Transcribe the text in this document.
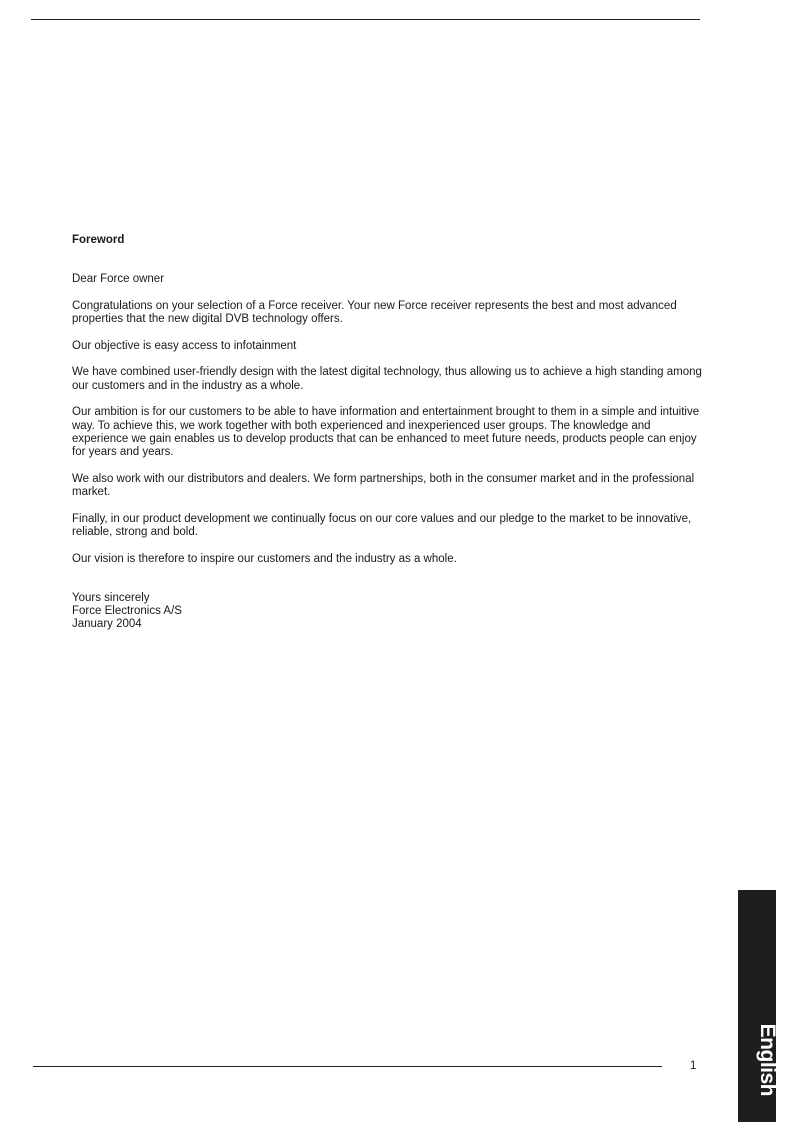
Foreword
Dear Force owner
Congratulations on your selection of a Force receiver. Your new Force receiver represents the best and most advanced properties that the new digital DVB technology offers.
Our objective is easy access to infotainment
We have combined user-friendly design with the latest digital technology, thus allowing us to achieve a high standing among our customers and in the industry as a whole.
Our ambition is for our customers to be able to have information and entertainment brought to them in a simple and intuitive way. To achieve this, we work together with both experienced and inexperienced user groups. The knowledge and experience we gain enables us to develop products that can be enhanced to meet future needs, products people can enjoy for years and years.
We also work with our distributors and dealers. We form partnerships, both in the consumer market and in the professional market.
Finally, in our product development we continually focus on our core values and our pledge to the market to be innovative, reliable, strong and bold.
Our vision is therefore to inspire our customers and the industry as a whole.
Yours sincerely
Force Electronics A/S
January 2004
1	English
